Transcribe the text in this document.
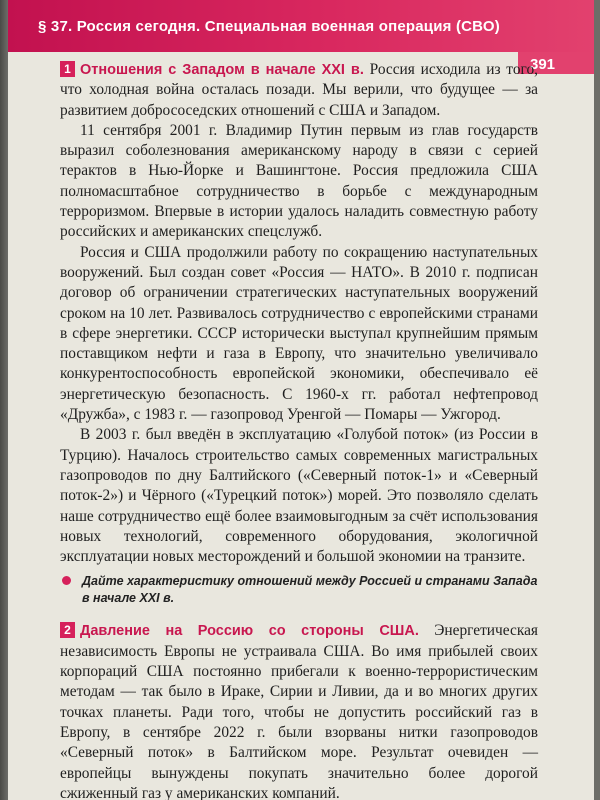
§ 37. Россия сегодня. Специальная военная операция (СВО)
391

1 Отношения с Западом в начале XXI в. Россия исходила из того, что холодная война осталась позади. Мы верили, что будущее — за развитием добрососедских отношений с США и Западом.

11 сентября 2001 г. Владимир Путин первым из глав государств выразил соболезнования американскому народу в связи с серией терактов в Нью-Йорке и Вашингтоне. Россия предложила США полномасштабное сотрудничество в борьбе с международным терроризмом. Впервые в истории удалось наладить совместную работу российских и американских спецслужб.

Россия и США продолжили работу по сокращению наступательных вооружений. Был создан совет «Россия — НАТО». В 2010 г. подписан договор об ограничении стратегических наступательных вооружений сроком на 10 лет. Развивалось сотрудничество с европейскими странами в сфере энергетики. СССР исторически выступал крупнейшим прямым поставщиком нефти и газа в Европу, что значительно увеличивало конкурентоспособность европейской экономики, обеспечивало её энергетическую безопасность. С 1960-х гг. работал нефтепровод «Дружба», с 1983 г. — газопровод Уренгой — Помары — Ужгород.

В 2003 г. был введён в эксплуатацию «Голубой поток» (из России в Турцию). Началось строительство самых современных магистральных газопроводов по дну Балтийского («Северный поток-1» и «Северный поток-2») и Чёрного («Турецкий поток») морей. Это позволяло сделать наше сотрудничество ещё более взаимовыгодным за счёт использования новых технологий, современного оборудования, экологичной эксплуатации новых месторождений и большой экономии на транзите.

Дайте характеристику отношений между Россией и странами Запада в начале XXI в.

2 Давление на Россию со стороны США. Энергетическая независимость Европы не устраивала США. Во имя прибылей своих корпораций США постоянно прибегали к военно-террористическим методам — так было в Ираке, Сирии и Ливии, да и во многих других точках планеты. Ради того, чтобы не допустить российский газ в Европу, в сентябре 2022 г. были взорваны нитки газопроводов «Северный поток» в Балтийском море. Результат очевиден — европейцы вынуждены покупать значительно более дорогой сжиженный газ у американских компаний.
